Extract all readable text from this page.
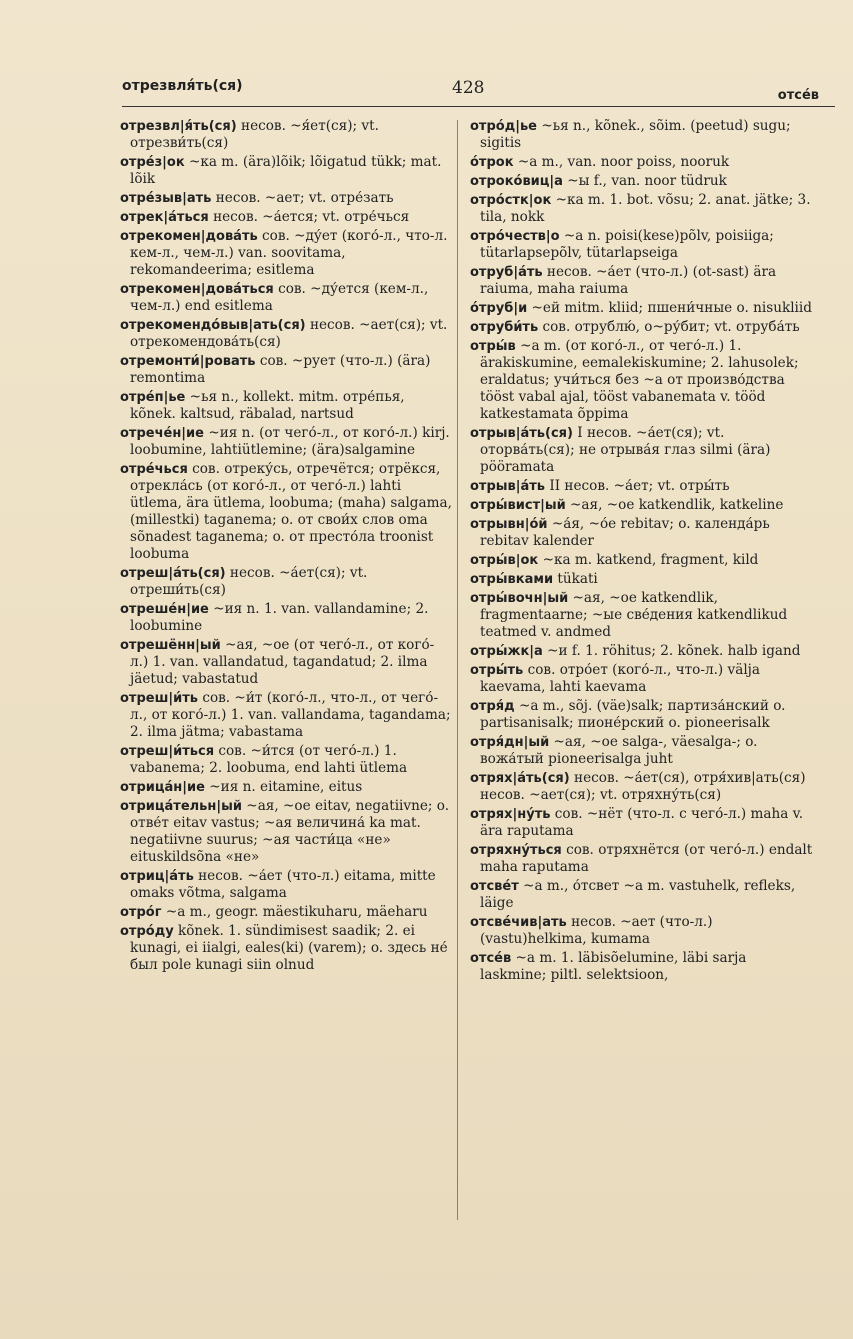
отрезвля́ть(ся)	428	отсе́в
отрезвл|я́ть(ся) несов. ~я́ет(ся); vt. отрезви́ть(ся)
отре́з|ок ~ка m. (ära)lõik; lõigatud tükk; mat. lõik
отре́зыв|ать несов. ~ает; vt. отре́зать
отрек|а́ться несов. ~а́ется; vt. отре́чься
отрекомен|дова́ть сов. ~ду́ет (кого́-л., что-л. кем-л., чем-л.) van. soovitama, rekomandeerima; esitlema
отрекомен|дова́ться сов. ~ду́ется (кем-л., чем-л.) end esitlema
отрекомендо́выв|ать(ся) несов. ~ает(ся); vt. отрекомендова́ть(ся)
отремонти́|ровать сов. ~рует (что-л.) (ära) remontima
отре́п|ье ~ья n., kollekt. mitm. отре́пья, kõnek. kaltsud, räbalad, nartsud
отрече́н|ие ~ия n. (от чего́-л., от кого́-л.) kirj. loobumine, lahtiütlemine; (ära)salgamine
отре́чься сов. отреку́сь, отречётся; отрёкся, отрекла́сь (от кого́-л., от чего́-л.) lahti ütlema, ära ütlema, loobuma; (maha) salgama, (millestki) taganema; o. от свои́х слов oma sõnadest taganema; o. от престо́ла troonist loobuma
отреш|а́ть(ся) несов. ~а́ет(ся); vt. отреши́ть(ся)
отреше́н|ие ~ия n. 1. van. vallandamine; 2. loobumine
отрешённ|ый ~ая, ~ое (от чего́-л., от кого́-л.) 1. van. vallandatud, tagandatud; 2. ilma jäetud; vabastatud
отреш|и́ть сов. ~и́т (кого́-л., что-л., от чего́-л., от кого́-л.) 1. van. vallandama, tagandama; 2. ilma jätma; vabastama
отреш|и́ться сов. ~и́тся (от чего́-л.) 1. vabanema; 2. loobuma, end lahti ütlema
отрица́н|ие ~ия n. eitamine, eitus
отрица́тельн|ый ~ая, ~ое eitav, negatiivne; o. отве́т eitav vastus; ~ая величина́ ka mat. negatiivne suurus; ~ая части́ца «не» eituskildsõna «не»
отриц|а́ть несов. ~а́ет (что-л.) eitama, mitte omaks võtma, salgama
отро́г ~а m., geogr. mäestikuharu, mäeharu
отро́ду kõnek. 1. sündimisest saadik; 2. ei kunagi, ei iialgi, eales(ki) (varem); o. здесь не́ был pole kunagi siin olnud
отро́д|ье ~ья n., kõnek., sõim. (peetud) sugu; sigitis
о́трок ~а m., van. noor poiss, nooruk
отроко́виц|а ~ы f., van. noor tüdruk
отро́стк|ок ~ка m. 1. bot. võsu; 2. anat. jätke; 3. tila, nokk
отро́честв|о ~а n. poisi(kese)põlv, poisiiga; tütarlapsepõlv, tütarlapseiga
отруб|а́ть несов. ~а́ет (что-л.) (ot-sast) ära raiuma, maha raiuma
о́труб|и ~ей mitm. kliid; пшени́чные o. nisukliid
отруби́ть сов. отрублю́, о~ру́бит; vt. отруба́ть
отры́в ~а m. (от кого́-л., от чего́-л.) 1. ärakiskumine, eemalekiskumine; 2. lahusolek; eraldatus; учи́ться без ~а от произво́дства tööst vabal ajal, tööst vabanemata v. tööd katkestamata õppima
отрыв|а́ть(ся) I несов. ~а́ет(ся); vt. оторва́ть(ся); не отрыва́я глаз silmi (ära) pööramata
отрыв|а́ть II несов. ~а́ет; vt. отры́ть
отры́вист|ый ~ая, ~ое katkendlik, katkeline
отрывн|о́й ~а́я, ~о́е rebitav; o. календа́рь rebitav kalender
отры́в|ок ~ка m. katkend, fragment, kild
отры́вками tükati
отры́вочн|ый ~ая, ~ое katkendlik, fragmentaarne; ~ые све́дения katkendlikud teatmed v. andmed
отры́жк|а ~и f. 1. röhitus; 2. kõnek. halb igand
отры́ть сов. отро́ет (кого́-л., что-л.) välja kaevama, lahti kaevama
отря́д ~а m., sõj. (väe)salk; партиза́нский o. partisanisalk; пионе́рский o. pioneerisalk
отря́дн|ый ~ая, ~ое salga-, väesalga-; o. вожа́тый pioneerisalga juht
отрях|а́ть(ся) несов. ~а́ет(ся), отря́хив|ать(ся) несов. ~ает(ся); vt. отряхну́ть(ся)
отрях|ну́ть сов. ~нёт (что-л. с чего́-л.) maha v. ära raputama
отряхну́ться сов. отряхнётся (от чего́-л.) endalt maha raputama
отсве́т ~а m., о́тсвет ~а m. vastuhelk, refleks, läige
отсве́чив|ать несов. ~ает (что-л.) (vastu)helkima, kumama
отсе́в ~а m. 1. läbisõelumine, läbi sarja laskmine; piltl. selektsioon,
